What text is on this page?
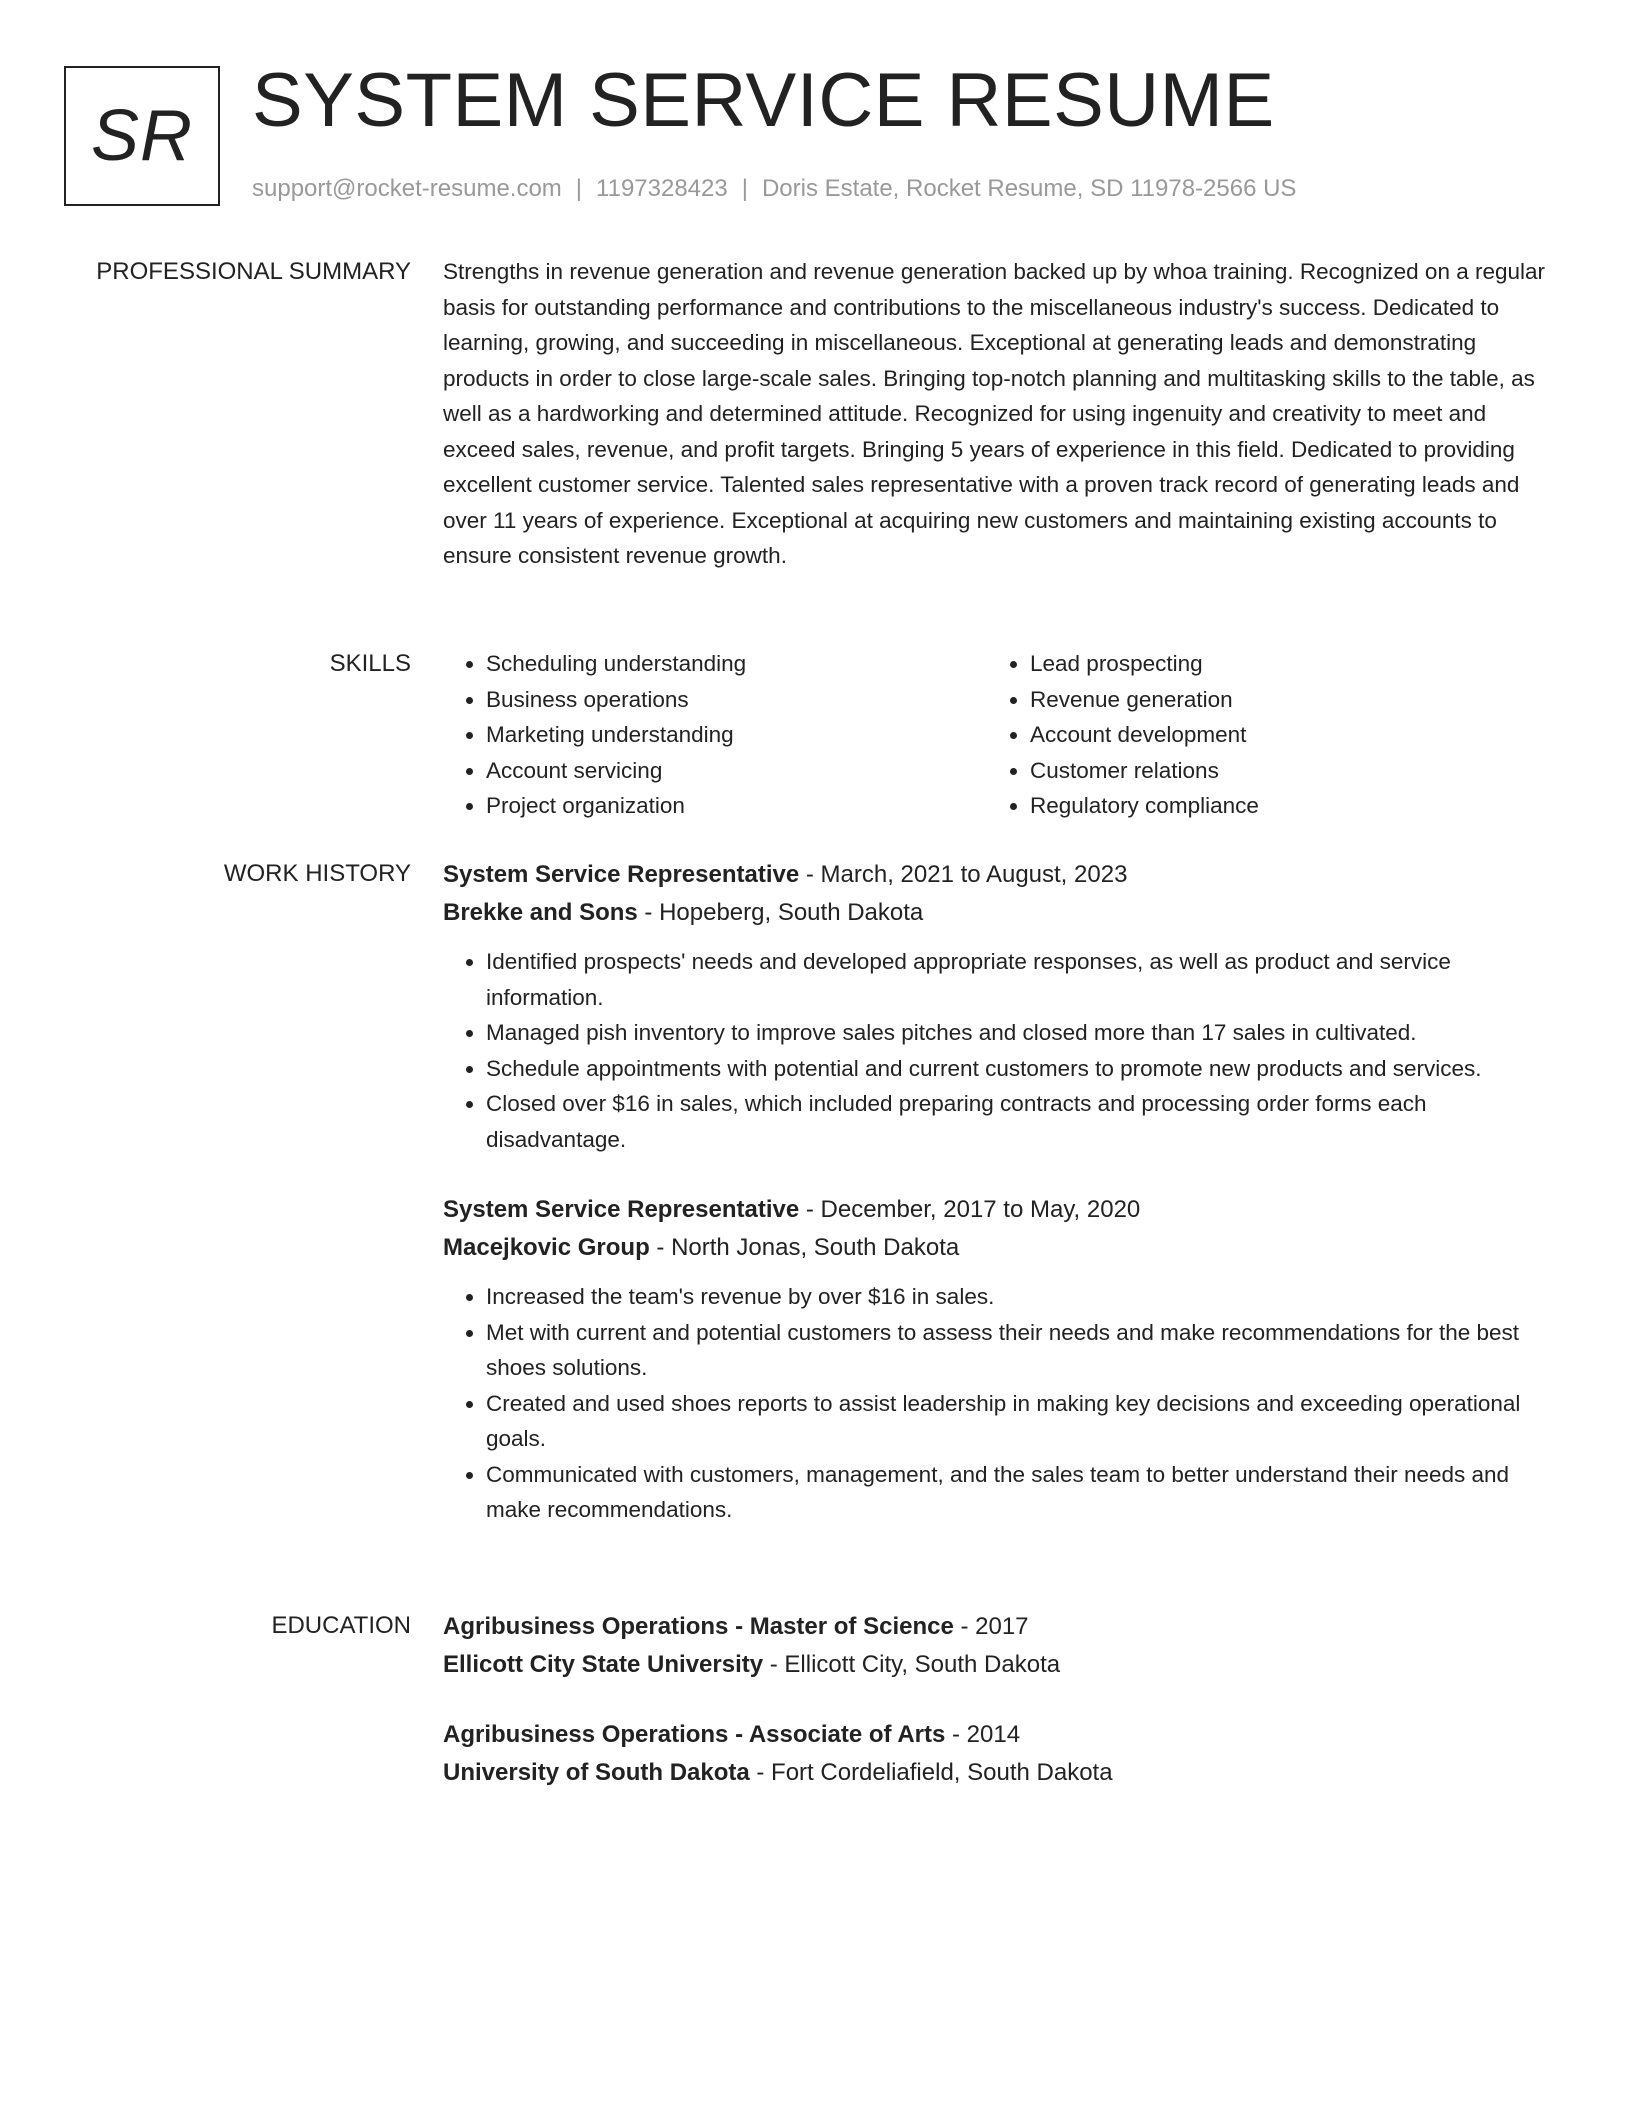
SR SYSTEM SERVICE RESUME
support@rocket-resume.com | 1197328423 | Doris Estate, Rocket Resume, SD 11978-2566 US
PROFESSIONAL SUMMARY Strengths in revenue generation and revenue generation backed up by whoa training. Recognized on a regular basis for outstanding performance and contributions to the miscellaneous industry's success. Dedicated to learning, growing, and succeeding in miscellaneous. Exceptional at generating leads and demonstrating products in order to close large-scale sales. Bringing top-notch planning and multitasking skills to the table, as well as a hardworking and determined attitude. Recognized for using ingenuity and creativity to meet and exceed sales, revenue, and profit targets. Bringing 5 years of experience in this field. Dedicated to providing excellent customer service. Talented sales representative with a proven track record of generating leads and over 11 years of experience. Exceptional at acquiring new customers and maintaining existing accounts to ensure consistent revenue growth.

SKILLS
•	Scheduling understanding
• Business operations
• Marketing understanding
• Account servicing
• Project organization
• Lead prospecting
• Revenue generation
• Account development
• Customer relations
• Regulatory compliance
WORK HISTORY System Service Representative - March, 2021 to August, 2023

Brekke and Sons - Hopeberg, South Dakota

• Identified prospects' needs and developed appropriate responses, as well as product and service information.
• Managed pish inventory to improve sales pitches and closed more than 17 sales in cultivated.
• Schedule appointments with potential and current customers to promote new products and services.
• Closed over $16 in sales, which included preparing contracts and processing order forms each disadvantage.

System Service Representative - December, 2017 to May, 2020

Macejkovic Group - North Jonas, South Dakota

• Increased the team's revenue by over $16 in sales.
• Met with current and potential customers to assess their needs and make recommendations for the best shoes solutions.
• Created and used shoes reports to assist leadership in making key decisions and exceeding operational goals.
• Communicated with customers, management, and the sales team to better understand their needs and make recommendations.
EDUCATION Agribusiness Operations - Master of Science - 2017

Ellicott City State University - Ellicott City, South Dakota

Agribusiness Operations - Associate of Arts - 2014

University of South Dakota - Fort Cordeliafield, South Dakota
